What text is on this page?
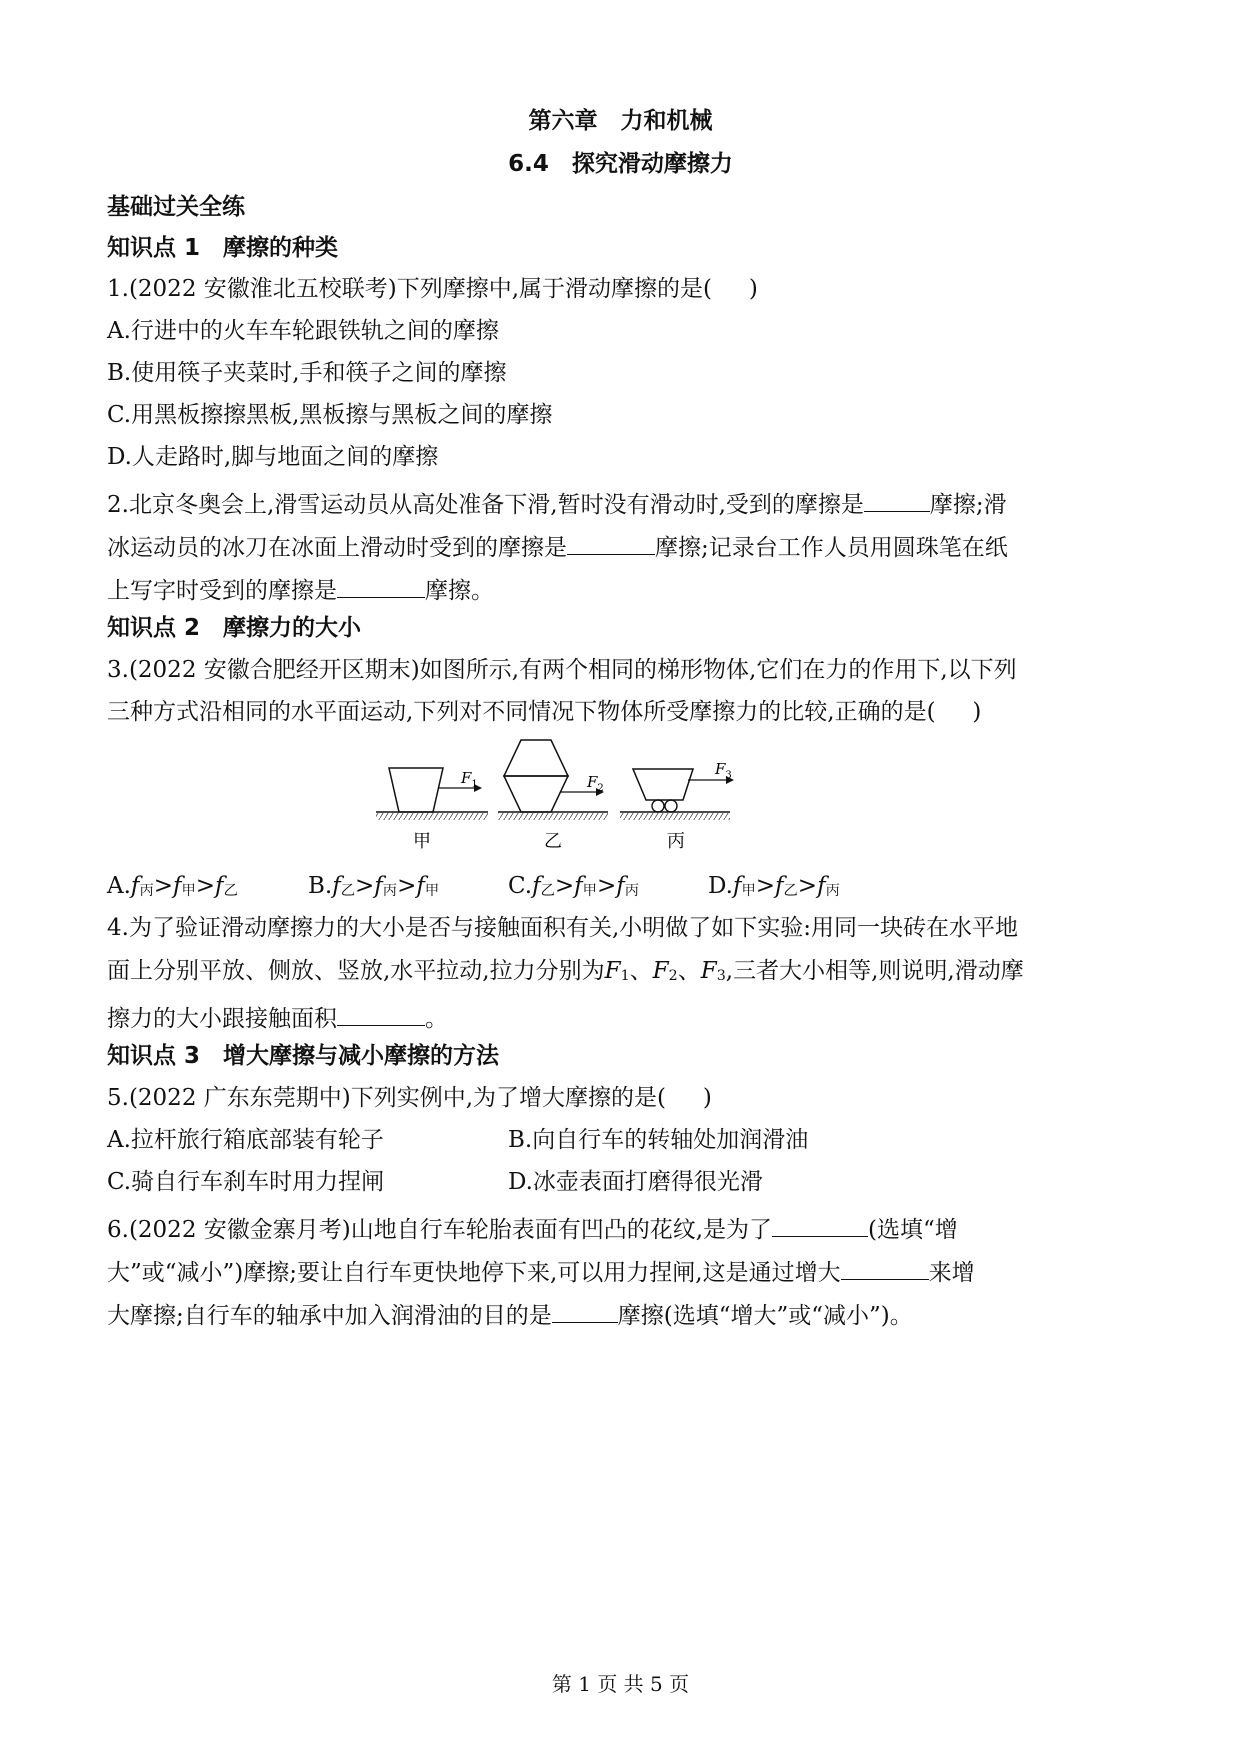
第六章　力和机械
6.4　探究滑动摩擦力
基础过关全练
知识点 1　摩擦的种类
1.(2022 安徽淮北五校联考)下列摩擦中,属于滑动摩擦的是( )
A.行进中的火车车轮跟铁轨之间的摩擦
B.使用筷子夹菜时,手和筷子之间的摩擦
C.用黑板擦擦黑板,黑板擦与黑板之间的摩擦
D.人走路时,脚与地面之间的摩擦
2.北京冬奥会上,滑雪运动员从高处准备下滑,暂时没有滑动时,受到的摩擦是	摩擦;滑
冰运动员的冰刀在冰面上滑动时受到的摩擦是	摩擦;记录台工作人员用圆珠笔在纸
上写字时受到的摩擦是	摩擦。
知识点 2　摩擦力的大小
3.(2022 安徽合肥经开区期末)如图所示,有两个相同的梯形物体,它们在力的作用下,以下列
三种方式沿相同的水平面运动,下列对不同情况下物体所受摩擦力的比较,正确的是( )
$F_1$	$F_2$
$F_3$
甲	乙	丙
A.f丙>f甲>f乙	B.f乙>f丙>f甲	C.f乙>f甲>f丙	D.f甲>f乙>f丙
4.为了验证滑动摩擦力的大小是否与接触面积有关,小明做了如下实验:用同一块砖在水平地
面上分别平放、侧放、竖放,水平拉动,拉力分别为F1、F2、F3,三者大小相等,则说明,滑动摩
擦力的大小跟接触面积	。
知识点 3　增大摩擦与减小摩擦的方法
5.(2022 广东东莞期中)下列实例中,为了增大摩擦的是( )
A.拉杆旅行箱底部装有轮子	B.向自行车的转轴处加润滑油
C.骑自行车刹车时用力捏闸	D.冰壶表面打磨得很光滑
6.(2022 安徽金寨月考)山地自行车轮胎表面有凹凸的花纹,是为了	(选填“增
大”或“减小”)摩擦;要让自行车更快地停下来,可以用力捏闸,这是通过增大	来增
大摩擦;自行车的轴承中加入润滑油的目的是	摩擦(选填“增大”或“减小”)。
第 1 页 共 5 页
